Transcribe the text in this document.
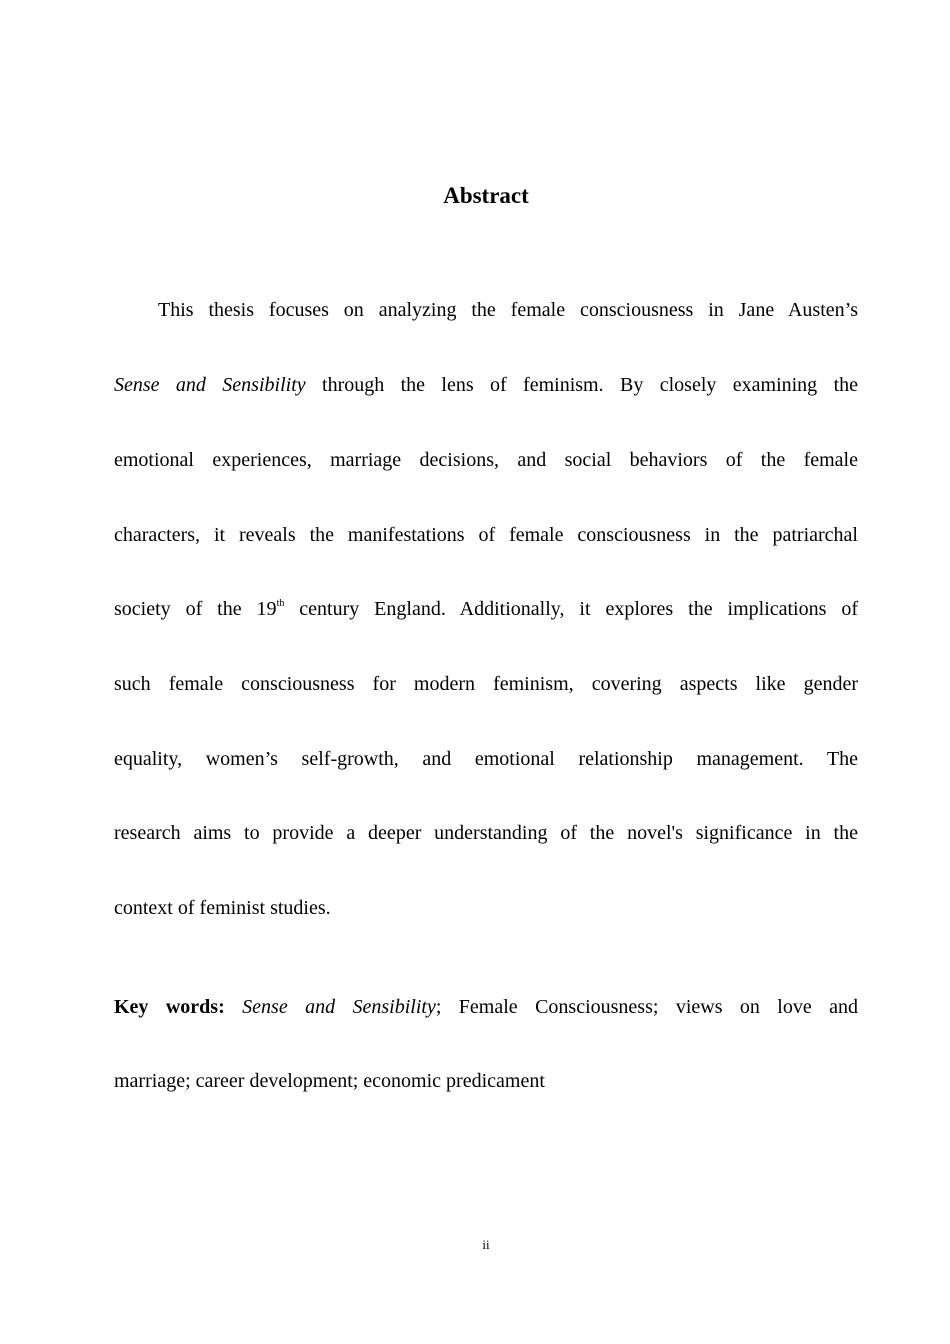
Abstract
This thesis focuses on analyzing the female consciousness in Jane Austen’s
Sense and Sensibility through the lens of feminism. By closely examining the
emotional experiences, marriage decisions, and social behaviors of the female
characters, it reveals the manifestations of female consciousness in the patriarchal
society of the 19th century England. Additionally, it explores the implications of
such female consciousness for modern feminism, covering aspects like gender
equality, women’s self-growth, and emotional relationship management. The
research aims to provide a deeper understanding of the novel's significance in the
context of feminist studies.
Key words: Sense and Sensibility; Female Consciousness; views on love and
marriage; career development; economic predicament
ii
